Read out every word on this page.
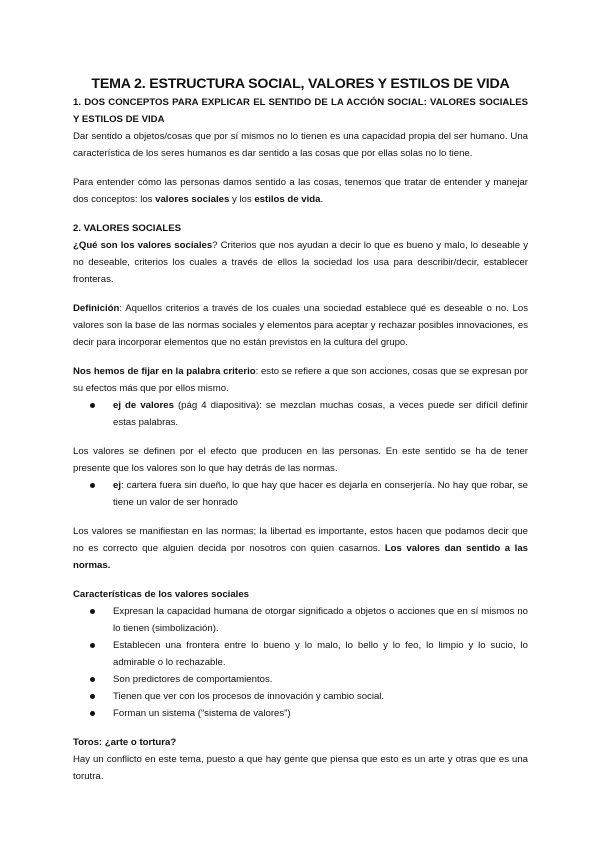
TEMA 2. ESTRUCTURA SOCIAL, VALORES Y ESTILOS DE VIDA

1. DOS CONCEPTOS PARA EXPLICAR EL SENTIDO DE LA ACCIÓN SOCIAL: VALORES SOCIALES Y ESTILOS DE VIDA

Dar sentido a objetos/cosas que por sí mismos no lo tienen es una capacidad propia del ser humano. Una característica de los seres humanos es dar sentido a las cosas que por ellas solas no lo tiene.

Para entender cómo las personas damos sentido a las cosas, tenemos que tratar de entender y manejar dos conceptos: los valores sociales y los estilos de vida.

2. VALORES SOCIALES

¿Qué son los valores sociales? Criterios que nos ayudan a decir lo que es bueno y malo, lo deseable y no deseable, criterios los cuales a través de ellos la sociedad los usa para describir/decir, establecer fronteras.

Definición: Aquellos criterios a través de los cuales una sociedad establece qué es deseable o no. Los valores son la base de las normas sociales y elementos para aceptar y rechazar posibles innovaciones, es decir para incorporar elementos que no están previstos en la cultura del grupo.

Nos hemos de fijar en la palabra criterio: esto se refiere a que son acciones, cosas que se expresan por su efectos más que por ellos mismo.

ej de valores (pág 4 diapositiva): se mezclan muchas cosas, a veces puede ser difícil definir estas palabras.

Los valores se definen por el efecto que producen en las personas. En este sentido se ha de tener presente que los valores son lo que hay detrás de las normas.

ej: cartera fuera sin dueño, lo que hay que hacer es dejarla en conserjería. No hay que robar, se tiene un valor de ser honrado

Los valores se manifiestan en las normas; la libertad es importante, estos hacen que podamos decir que no es correcto que alguien decida por nosotros con quien casarnos. Los valores dan sentido a las normas.

Características de los valores sociales

Expresan la capacidad humana de otorgar significado a objetos o acciones que en sí mismos no lo tienen (simbolización).
Establecen una frontera entre lo bueno y lo malo, lo bello y lo feo, lo limpio y lo sucio, lo admirable o lo rechazable.
Son predictores de comportamientos.
Tienen que ver con los procesos de innovación y cambio social.
Forman un sistema (“sistema de valores”)

Toros: ¿arte o tortura?

Hay un conflicto en este tema, puesto a que hay gente que piensa que esto es un arte y otras que es una torutra.
